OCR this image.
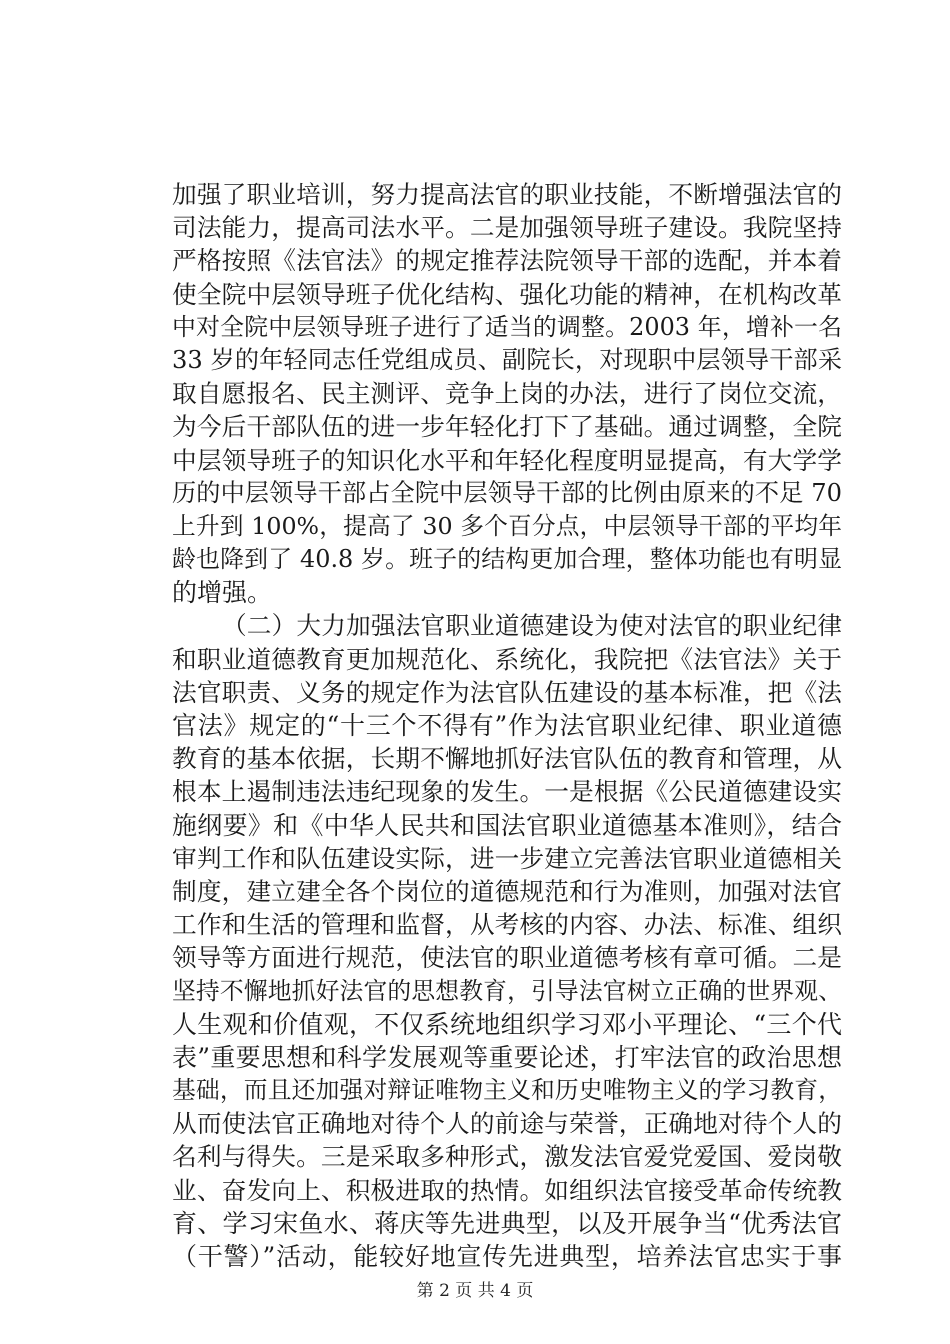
加强了职业培训，努力提高法官的职业技能，不断增强法官的
司法能力，提高司法水平。二是加强领导班子建设。我院坚持
严格按照《法官法》的规定推荐法院领导干部的选配，并本着
使全院中层领导班子优化结构、强化功能的精神，在机构改革
中对全院中层领导班子进行了适当的调整。2003 年，增补一名
33 岁的年轻同志任党组成员、副院长，对现职中层领导干部采
取自愿报名、民主测评、竞争上岗的办法，进行了岗位交流，
为今后干部队伍的进一步年轻化打下了基础。通过调整，全院
中层领导班子的知识化水平和年轻化程度明显提高，有大学学
历的中层领导干部占全院中层领导干部的比例由原来的不足 70
上升到 100%，提高了 30 多个百分点，中层领导干部的平均年
龄也降到了 40.8 岁。班子的结构更加合理，整体功能也有明显
的增强。
（二）大力加强法官职业道德建设为使对法官的职业纪律
和职业道德教育更加规范化、系统化，我院把《法官法》关于
法官职责、义务的规定作为法官队伍建设的基本标准，把《法
官法》规定的“十三个不得有”作为法官职业纪律、职业道德
教育的基本依据，长期不懈地抓好法官队伍的教育和管理，从
根本上遏制违法违纪现象的发生。一是根据《公民道德建设实
施纲要》和《中华人民共和国法官职业道德基本准则》，结合
审判工作和队伍建设实际，进一步建立完善法官职业道德相关
制度，建立建全各个岗位的道德规范和行为准则，加强对法官
工作和生活的管理和监督，从考核的内容、办法、标准、组织
领导等方面进行规范，使法官的职业道德考核有章可循。二是
坚持不懈地抓好法官的思想教育，引导法官树立正确的世界观、
人生观和价值观，不仅系统地组织学习邓小平理论、“三个代
表”重要思想和科学发展观等重要论述，打牢法官的政治思想
基础，而且还加强对辩证唯物主义和历史唯物主义的学习教育，
从而使法官正确地对待个人的前途与荣誉，正确地对待个人的
名利与得失。三是采取多种形式，激发法官爱党爱国、爱岗敬
业、奋发向上、积极进取的热情。如组织法官接受革命传统教
育、学习宋鱼水、蒋庆等先进典型，以及开展争当“优秀法官
（干警）”活动，能较好地宣传先进典型，培养法官忠实于事
第 2 页 共 4 页
